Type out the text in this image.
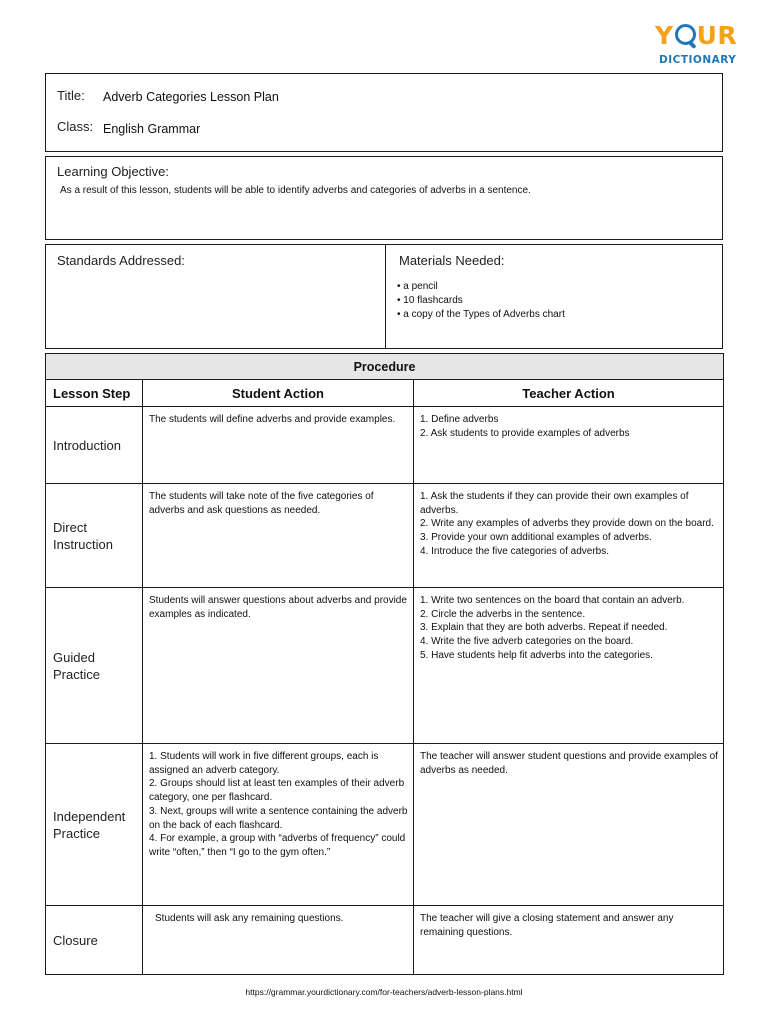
Y UR
DICTIONARY
Title: Adverb Categories Lesson Plan
Class: English Grammar
Learning Objective:
As a result of this lesson, students will be able to identify adverbs and categories of adverbs in a sentence.
Standards Addressed:	Materials Needed:
• a pencil
• 10 flashcards
• a copy of the Types of Adverbs chart
Procedure		
Lesson Step	Student Action	Teacher Action
Introduction	The students will define adverbs and provide examples.	1. Define adverbs
2. Ask students to provide examples of adverbs

Direct Instruction	The students will take note of the five categories of adverbs and ask questions as needed.	1. Ask the students if they can provide their own examples of adverbs.
2. Write any examples of adverbs they provide down on the board.
3. Provide your own additional examples of adverbs.
4. Introduce the five categories of adverbs.

Guided Practice	Students will answer questions about adverbs and provide examples as indicated.	1. Write two sentences on the board that contain an adverb.
2. Circle the adverbs in the sentence.
3. Explain that they are both adverbs. Repeat if needed.
4. Write the five adverb categories on the board.
5. Have students help fit adverbs into the categories.

Independent Practice	1. Students will work in five different groups, each is assigned an adverb category.
2. Groups should list at least ten examples of their adverb category, one per flashcard.
3. Next, groups will write a sentence containing the adverb on the back of each flashcard.
4. For example, a group with “adverbs of frequency” could write “often,” then “I go to the gym often.”	The teacher will answer student questions and provide examples of adverbs as needed.

Closure	Students will ask any remaining questions.	The teacher will give a closing statement and answer any remaining questions.
https://grammar.yourdictionary.com/for-teachers/adverb-lesson-plans.html
